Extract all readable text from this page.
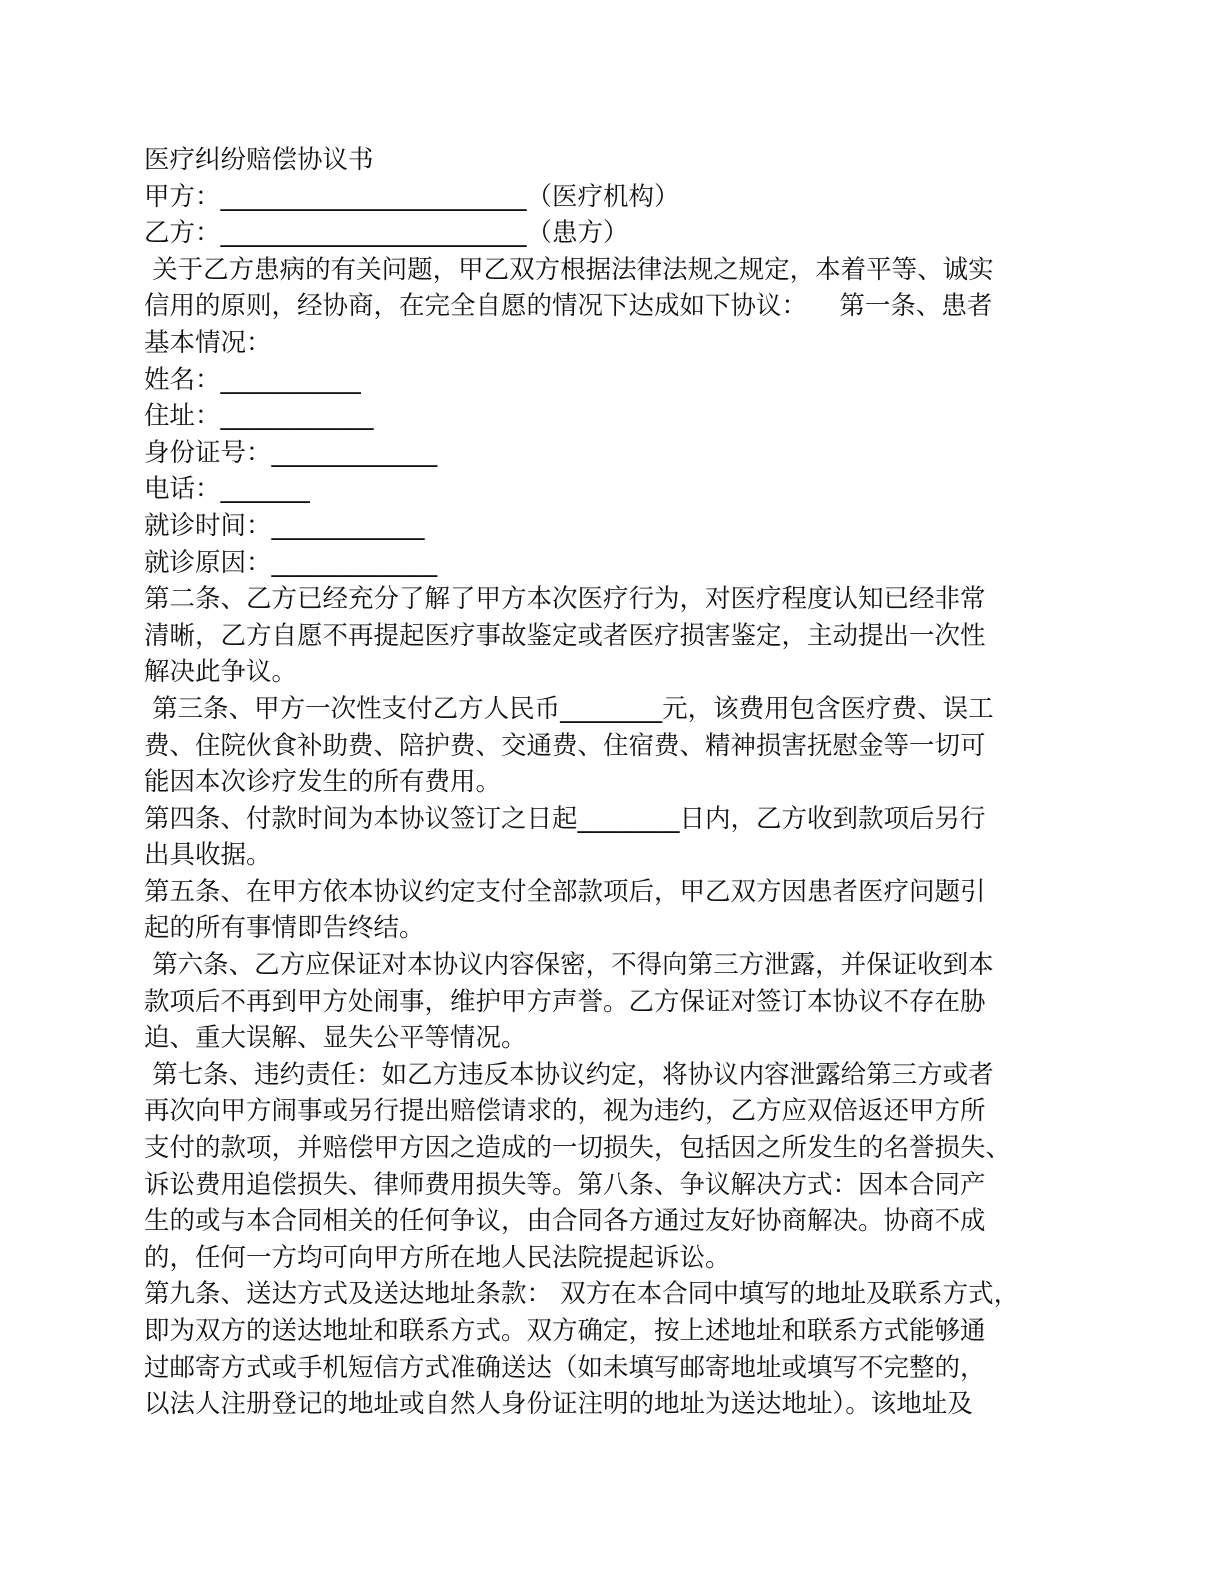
医疗纠纷赔偿协议书
甲方：________________________（医疗机构）
乙方：________________________（患方）
关于乙方患病的有关问题，甲乙双方根据法律法规之规定，本着平等、诚实
信用的原则，经协商，在完全自愿的情况下达成如下协议：    第一条、患者
基本情况：
姓名：___________
住址：____________
身份证号：_____________
电话：_______
就诊时间：____________
就诊原因：_____________
第二条、乙方已经充分了解了甲方本次医疗行为，对医疗程度认知已经非常
清晰，乙方自愿不再提起医疗事故鉴定或者医疗损害鉴定，主动提出一次性
解决此争议。
第三条、甲方一次性支付乙方人民币________元，该费用包含医疗费、误工
费、住院伙食补助费、陪护费、交通费、住宿费、精神损害抚慰金等一切可
能因本次诊疗发生的所有费用。
第四条、付款时间为本协议签订之日起________日内，乙方收到款项后另行
出具收据。
第五条、在甲方依本协议约定支付全部款项后，甲乙双方因患者医疗问题引
起的所有事情即告终结。
第六条、乙方应保证对本协议内容保密，不得向第三方泄露，并保证收到本
款项后不再到甲方处闹事，维护甲方声誉。乙方保证对签订本协议不存在胁
迫、重大误解、显失公平等情况。
第七条、违约责任：如乙方违反本协议约定，将协议内容泄露给第三方或者
再次向甲方闹事或另行提出赔偿请求的，视为违约，乙方应双倍返还甲方所
支付的款项，并赔偿甲方因之造成的一切损失，包括因之所发生的名誉损失、
诉讼费用追偿损失、律师费用损失等。第八条、争议解决方式：因本合同产
生的或与本合同相关的任何争议，由合同各方通过友好协商解决。协商不成
的，任何一方均可向甲方所在地人民法院提起诉讼。
第九条、送达方式及送达地址条款： 双方在本合同中填写的地址及联系方式，
即为双方的送达地址和联系方式。双方确定，按上述地址和联系方式能够通
过邮寄方式或手机短信方式准确送达（如未填写邮寄地址或填写不完整的，
以法人注册登记的地址或自然人身份证注明的地址为送达地址）。该地址及
